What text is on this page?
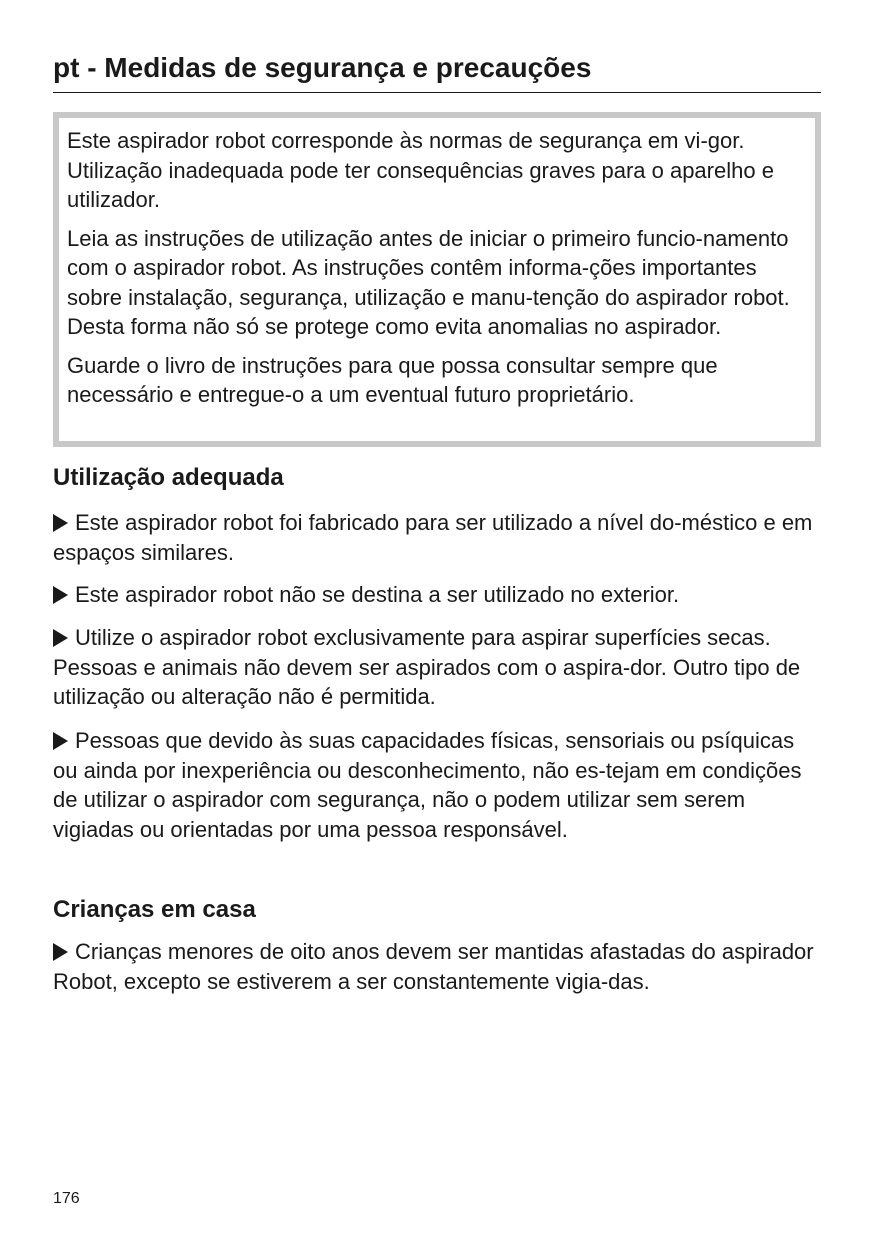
pt - Medidas de segurança e precauções

Este aspirador robot corresponde às normas de segurança em vi-gor. Utilização inadequada pode ter consequências graves para o aparelho e utilizador.

Leia as instruções de utilização antes de iniciar o primeiro funcio-namento com o aspirador robot. As instruções contêm informa-ções importantes sobre instalação, segurança, utilização e manu-tenção do aspirador robot. Desta forma não só se protege como evita anomalias no aspirador.

Guarde o livro de instruções para que possa consultar sempre que necessário e entregue-o a um eventual futuro proprietário.

Utilização adequada

Este aspirador robot foi fabricado para ser utilizado a nível do-méstico e em espaços similares.

Este aspirador robot não se destina a ser utilizado no exterior.

Utilize o aspirador robot exclusivamente para aspirar superfícies secas. Pessoas e animais não devem ser aspirados com o aspira-dor. Outro tipo de utilização ou alteração não é permitida.

Pessoas que devido às suas capacidades físicas, sensoriais ou psíquicas ou ainda por inexperiência ou desconhecimento, não es-tejam em condições de utilizar o aspirador com segurança, não o podem utilizar sem serem vigiadas ou orientadas por uma pessoa responsável.

Crianças em casa

Crianças menores de oito anos devem ser mantidas afastadas do aspirador Robot, excepto se estiverem a ser constantemente vigia-das.

176
